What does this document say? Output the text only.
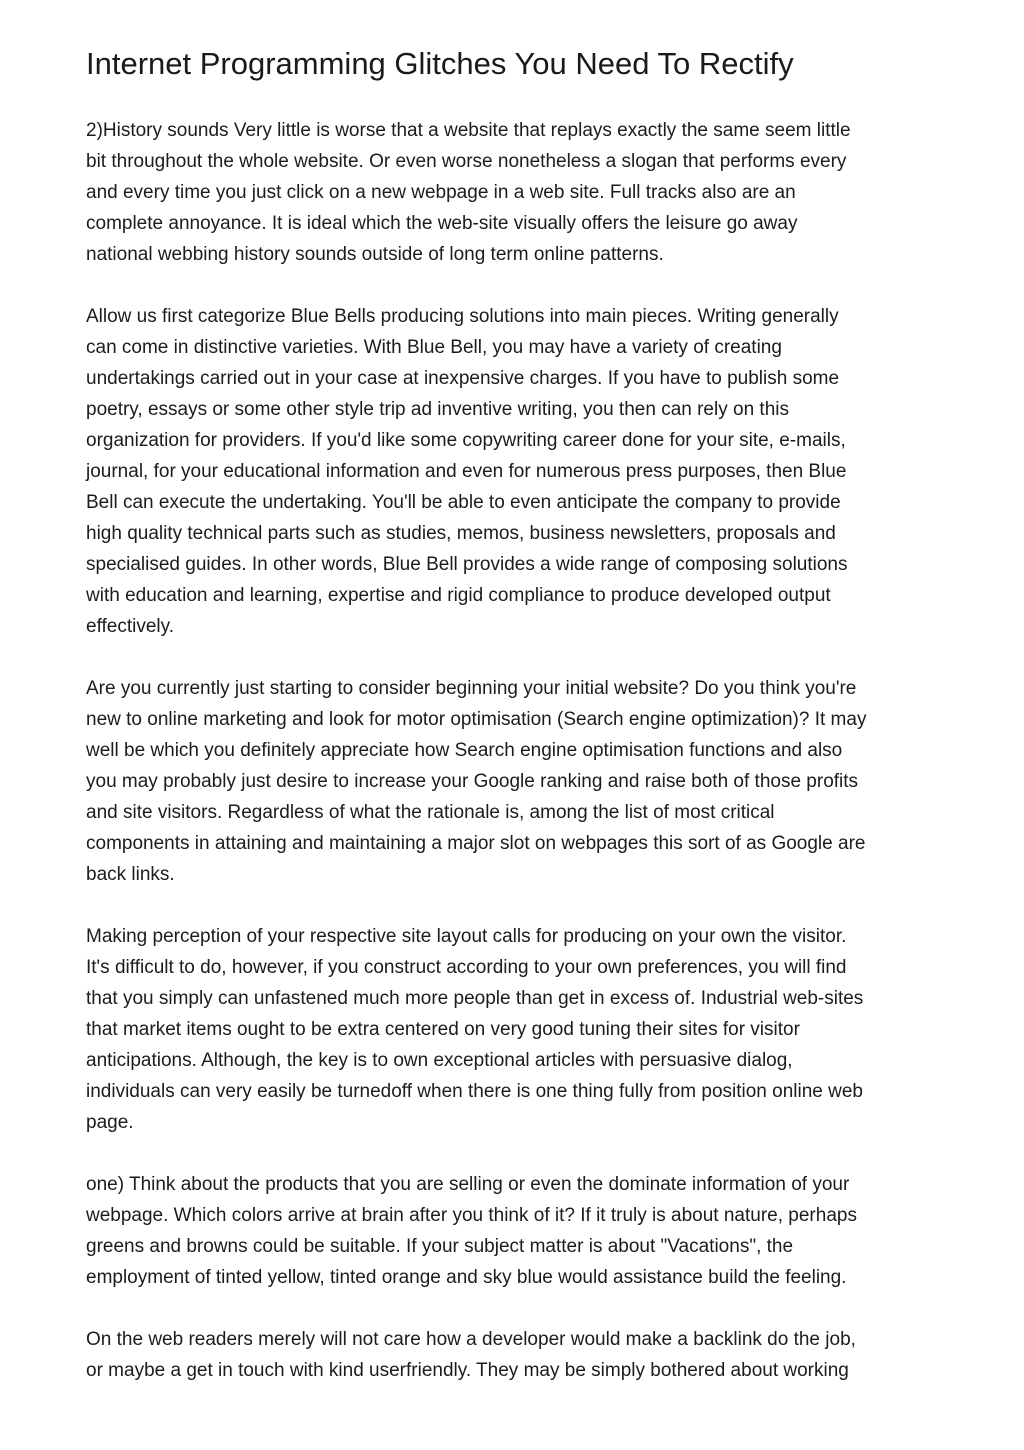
Internet Programming Glitches You Need To Rectify

2)History sounds Very little is worse that a website that replays exactly the same seem little
bit throughout the whole website. Or even worse nonetheless a slogan that performs every
and every time you just click on a new webpage in a web site. Full tracks also are an
complete annoyance. It is ideal which the web-site visually offers the leisure go away
national webbing history sounds outside of long term online patterns.

Allow us first categorize Blue Bells producing solutions into main pieces. Writing generally
can come in distinctive varieties. With Blue Bell, you may have a variety of creating
undertakings carried out in your case at inexpensive charges. If you have to publish some
poetry, essays or some other style trip ad inventive writing, you then can rely on this
organization for providers. If you'd like some copywriting career done for your site, e-mails,
journal, for your educational information and even for numerous press purposes, then Blue
Bell can execute the undertaking. You'll be able to even anticipate the company to provide
high quality technical parts such as studies, memos, business newsletters, proposals and
specialised guides. In other words, Blue Bell provides a wide range of composing solutions
with education and learning, expertise and rigid compliance to produce developed output
effectively.

Are you currently just starting to consider beginning your initial website? Do you think you're
new to online marketing and look for motor optimisation (Search engine optimization)? It may
well be which you definitely appreciate how Search engine optimisation functions and also
you may probably just desire to increase your Google ranking and raise both of those profits
and site visitors. Regardless of what the rationale is, among the list of most critical
components in attaining and maintaining a major slot on webpages this sort of as Google are
back links.

Making perception of your respective site layout calls for producing on your own the visitor.
It's difficult to do, however, if you construct according to your own preferences, you will find
that you simply can unfastened much more people than get in excess of. Industrial web-sites
that market items ought to be extra centered on very good tuning their sites for visitor
anticipations. Although, the key is to own exceptional articles with persuasive dialog,
individuals can very easily be turnedoff when there is one thing fully from position online web
page.

one) Think about the products that you are selling or even the dominate information of your
webpage. Which colors arrive at brain after you think of it? If it truly is about nature, perhaps
greens and browns could be suitable. If your subject matter is about "Vacations", the
employment of tinted yellow, tinted orange and sky blue would assistance build the feeling.

On the web readers merely will not care how a developer would make a backlink do the job,
or maybe a get in touch with kind userfriendly. They may be simply bothered about working
